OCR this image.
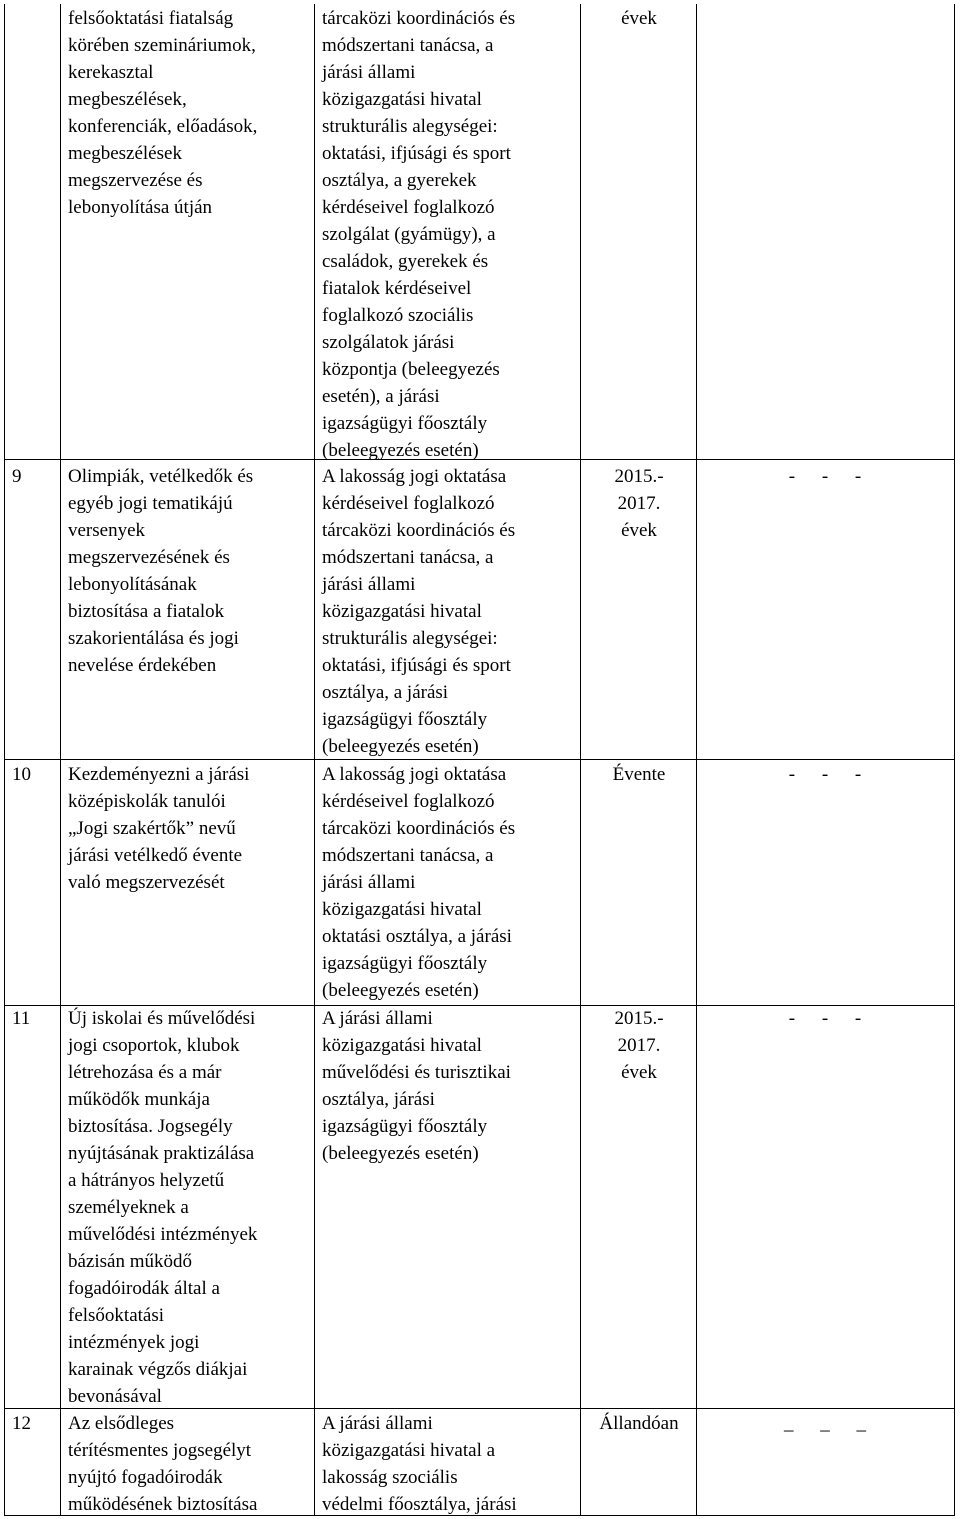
felsőoktatási fiatalság
körében szemináriumok,
kerekasztal
megbeszélések,
konferenciák, előadások,
megbeszélések
megszervezése és
lebonyolítása útján

tárcaközi koordinációs és
módszertani tanácsa, a
járási állami
közigazgatási hivatal
strukturális alegységei:
oktatási, ifjúsági és sport
osztálya, a gyerekek
kérdéseivel foglalkozó
szolgálat (gyámügy), a
családok, gyerekek és
fiatalok kérdéseivel
foglalkozó szociális
szolgálatok járási
központja (beleegyezés
esetén), a járási
igazságügyi főosztály
(beleegyezés esetén)

évek

9 Olimpiák, vetélkedők és
egyéb jogi tematikájú
versenyek
megszervezésének és
lebonyolításának
biztosítása a fiatalok
szakorientálása és jogi
nevelése érdekében

A lakosság jogi oktatása
kérdéseivel foglalkozó
tárcaközi koordinációs és
módszertani tanácsa, a
járási állami
közigazgatási hivatal
strukturális alegységei:
oktatási, ifjúsági és sport
osztálya, a járási
igazságügyi főosztály
(beleegyezés esetén)

2015.-
2017.
évek

- - -

10 Kezdeményezni a járási
középiskolák tanulói
„Jogi szakértők” nevű
járási vetélkedő évente
való megszervezését

A lakosság jogi oktatása
kérdéseivel foglalkozó
tárcaközi koordinációs és
módszertani tanácsa, a
járási állami
közigazgatási hivatal
oktatási osztálya, a járási
igazságügyi főosztály
(beleegyezés esetén)

Évente	- - -

11 Új iskolai és művelődési
jogi csoportok, klubok
létrehozása és a már
működők munkája
biztosítása. Jogsegély
nyújtásának praktizálása
a hátrányos helyzetű
személyeknek a
művelődési intézmények
bázisán működő
fogadóirodák által a
felsőoktatási
intézmények jogi
karainak végzős diákjai
bevonásával

A járási állami
közigazgatási hivatal
művelődési és turisztikai
osztálya, járási
igazságügyi főosztály
(beleegyezés esetén)

2015.-
2017.
évek

- - -

12 Az elsődleges
térítésmentes jogsegélyt
nyújtó fogadóirodák
működésének biztosítása

A járási állami
közigazgatási hivatal a
lakosság szociális
védelmi főosztálya, járási

Állandóan	_ _ _
